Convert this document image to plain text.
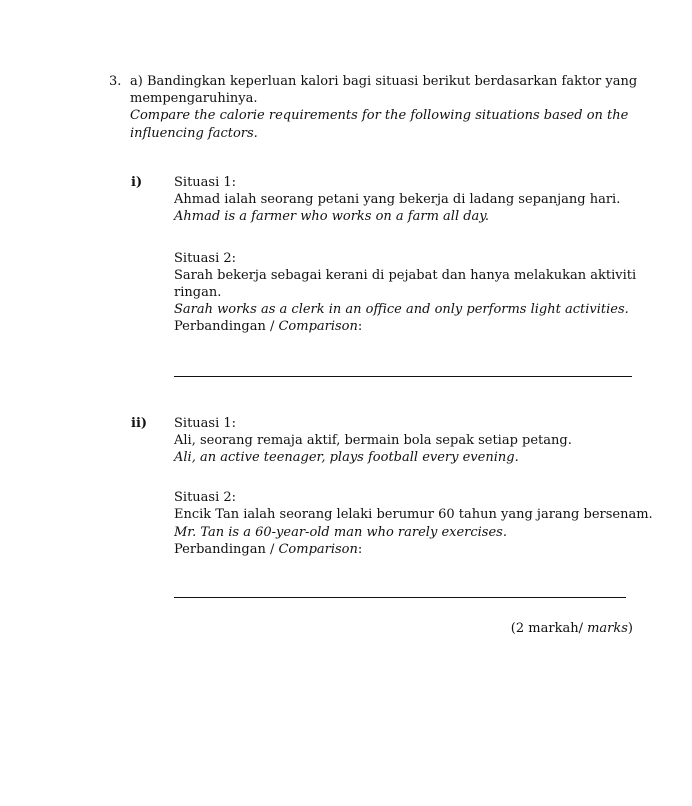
3. a) Bandingkan keperluan kalori bagi situasi berikut berdasarkan faktor yang
mempengaruhinya.
Compare the calorie requirements for the following situations based on the
influencing factors.
i) Situasi 1:
Ahmad ialah seorang petani yang bekerja di ladang sepanjang hari.
Ahmad is a farmer who works on a farm all day.
Situasi 2:
Sarah bekerja sebagai kerani di pejabat dan hanya melakukan aktiviti
ringan.
Sarah works as a clerk in an office and only performs light activities.
Perbandingan / Comparison:
ii) Situasi 1:
Ali, seorang remaja aktif, bermain bola sepak setiap petang.
Ali, an active teenager, plays football every evening.
Situasi 2:
Encik Tan ialah seorang lelaki berumur 60 tahun yang jarang bersenam.
Mr. Tan is a 60-year-old man who rarely exercises.
Perbandingan / Comparison:
(2 markah/ marks)
